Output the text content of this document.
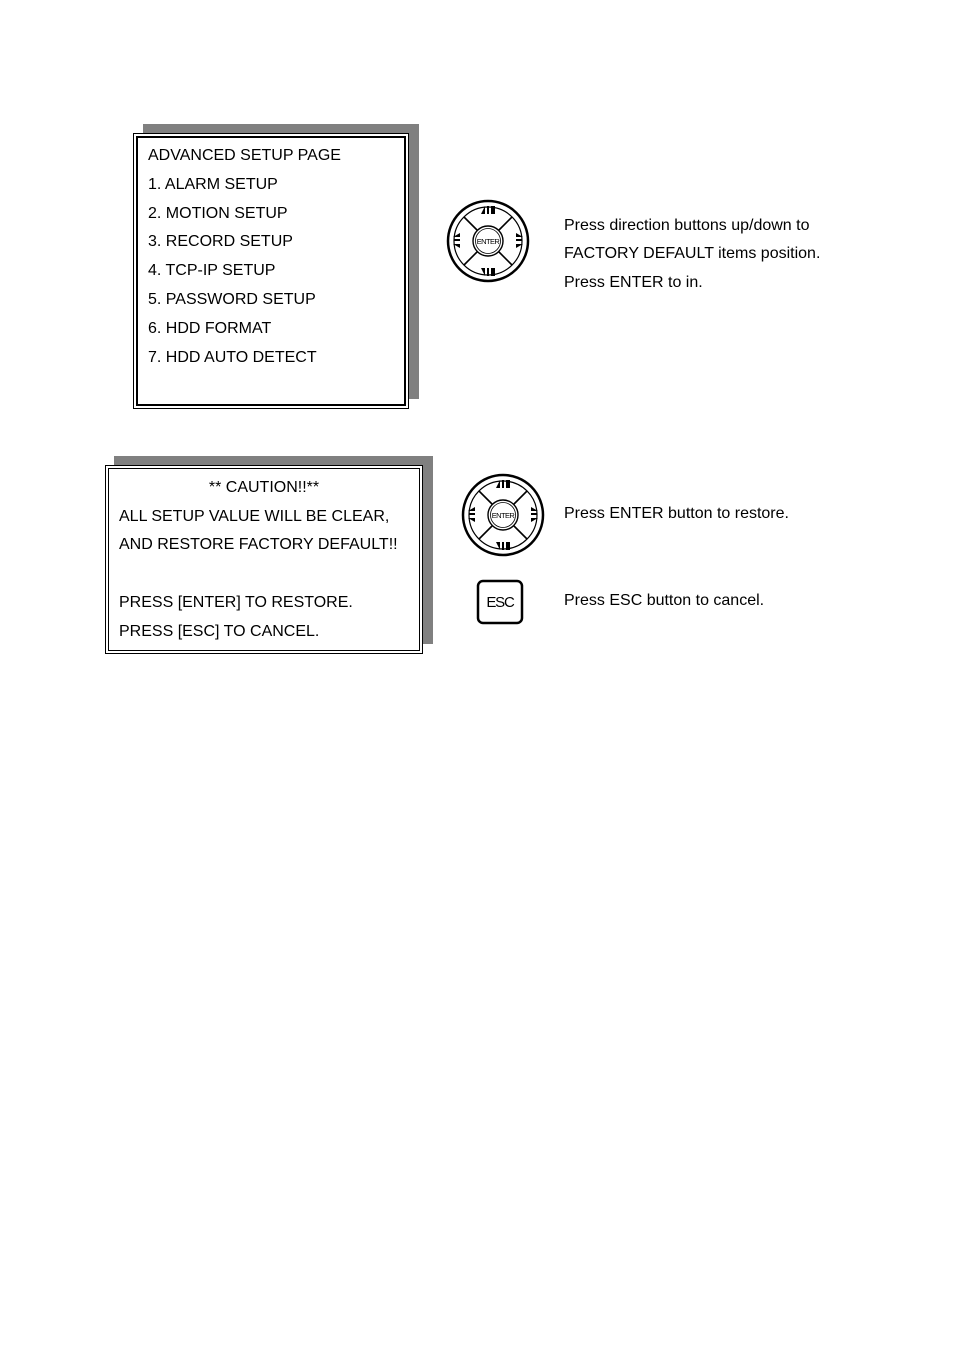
ADVANCED SETUP PAGE
1. ALARM SETUP
2. MOTION SETUP
3. RECORD SETUP
4. TCP-IP SETUP
5. PASSWORD SETUP
6. HDD FORMAT
7. HDD AUTO DETECT
** CAUTION!!**
ALL SETUP VALUE WILL BE CLEAR,
AND RESTORE FACTORY DEFAULT!!
PRESS [ENTER] TO RESTORE.
PRESS [ESC] TO CANCEL.
ENTER
Press direction buttons up/down to
FACTORY DEFAULT items position.
Press ENTER to in.
ENTER	Press ENTER button to restore.
ESC	Press ESC button to cancel.
